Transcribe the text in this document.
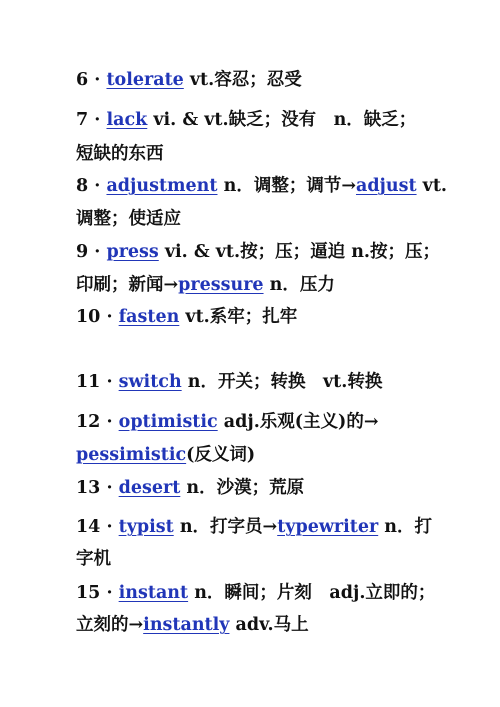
6 · tolerate vt.容忍；忍受
7 · lack vi. & vt.缺乏；没有　n．缺乏；
短缺的东西
8 · adjustment n．调整；调节→adjust vt.
调整；使适应
9 · press vi. & vt.按；压；逼迫 n.按；压；
印刷；新闻→pressure n．压力
10 · fasten vt.系牢；扎牢
11 · switch n．开关；转换　vt.转换
12 · optimistic adj.乐观(主义)的→
pessimistic(反义词)
13 · desert n．沙漠；荒原
14 · typist n．打字员→typewriter n．打
字机
15 · instant n．瞬间；片刻　adj.立即的；
立刻的→instantly adv.马上
